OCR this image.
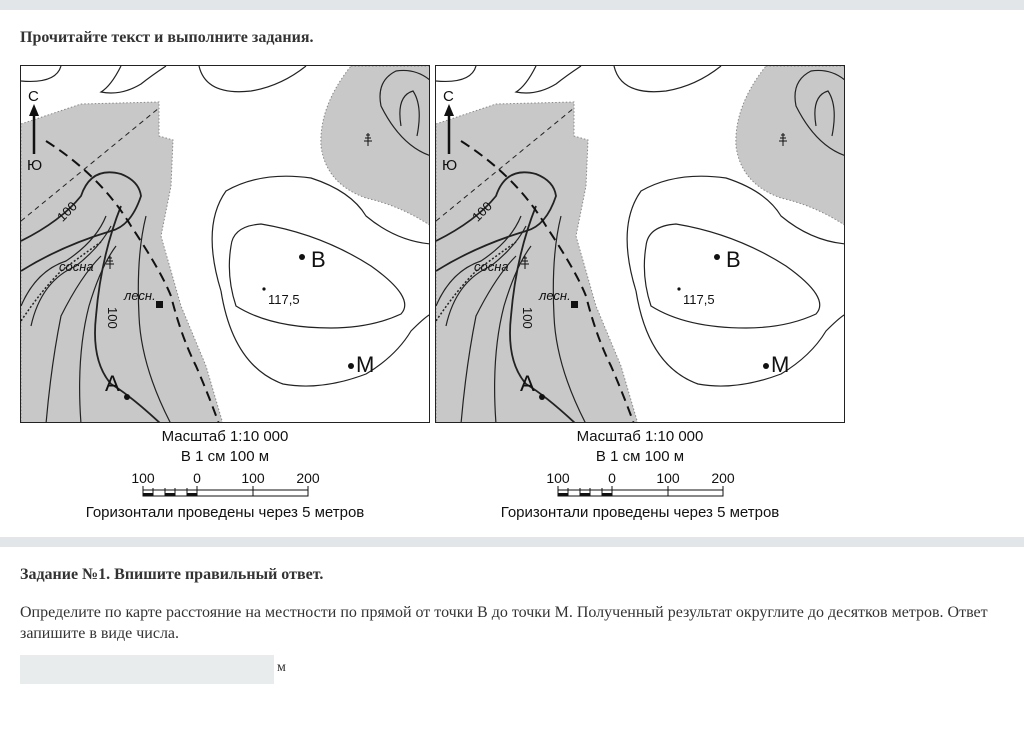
Прочитайте текст и выполните задания.
С
Ю
100
100
сосна
лесн.	117,5
А
В
М
С
Ю
100
100
сосна
лесн.	117,5
А
В
М
Задание №1. Впишите правильный ответ.
Определите по карте расстояние на местности по прямой от точки В до точки М. Полученный результат округлите до десятков метров. Ответ запишите в виде числа.
м
Масштаб 1:10 000
В 1 см 100 м
Горизонтали проведены через 5 метров
100	0	100 200
Масштаб 1:10 000
В 1 см 100 м
Горизонтали проведены через 5 метров
100	0	100 200
